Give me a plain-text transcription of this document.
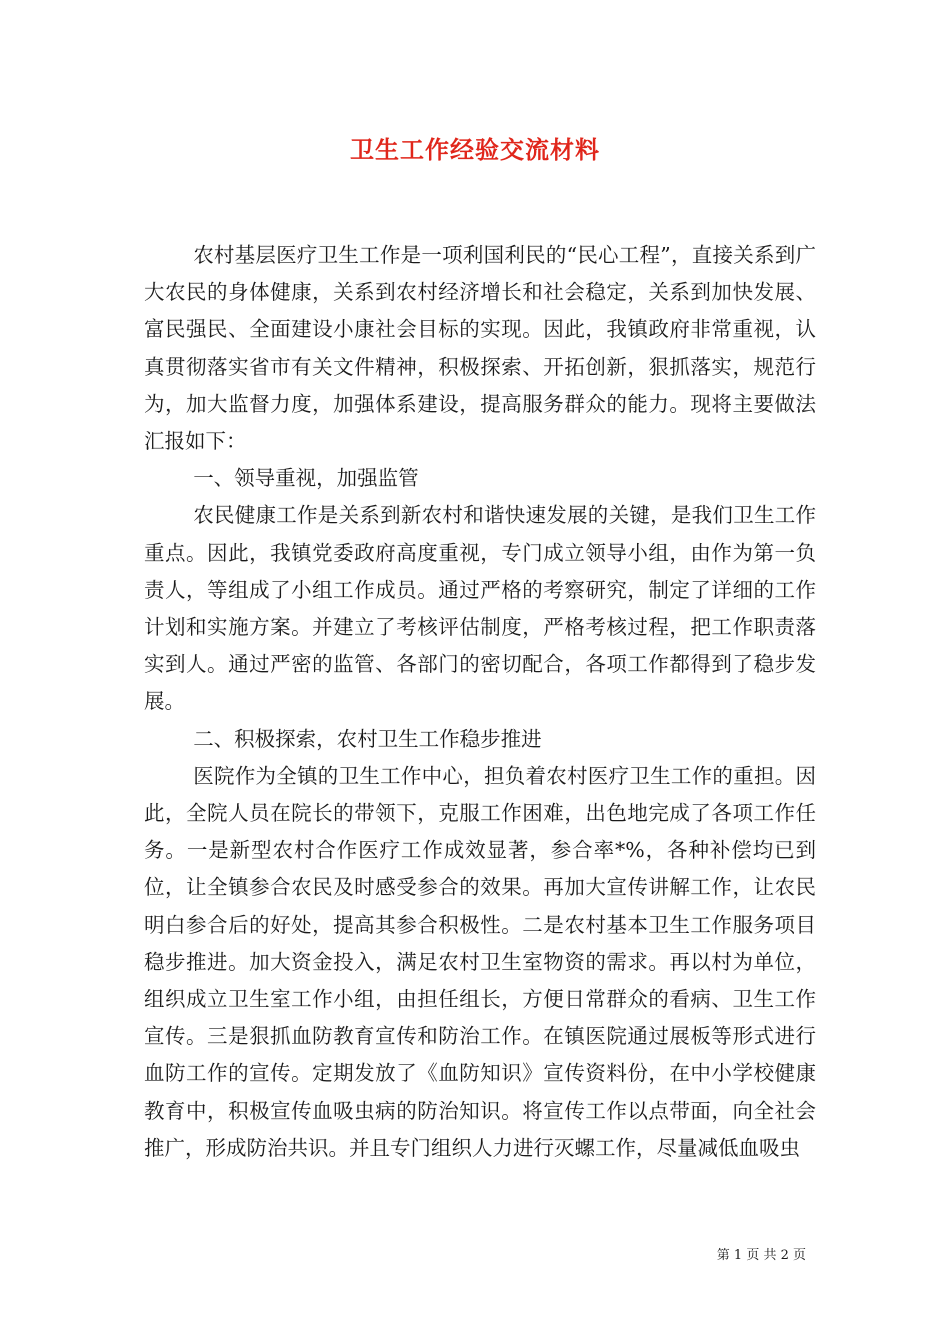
卫生工作经验交流材料

农村基层医疗卫生工作是一项利国利民的“民心工程”，直接关系到广大农民的身体健康，关系到农村经济增长和社会稳定，关系到加快发展、富民强民、全面建设小康社会目标的实现。因此，我镇政府非常重视，认真贯彻落实省市有关文件精神，积极探索、开拓创新，狠抓落实，规范行为，加大监督力度，加强体系建设，提高服务群众的能力。现将主要做法汇报如下：

一、领导重视，加强监管

农民健康工作是关系到新农村和谐快速发展的关键，是我们卫生工作重点。因此，我镇党委政府高度重视，专门成立领导小组，由作为第一负责人，等组成了小组工作成员。通过严格的考察研究，制定了详细的工作计划和实施方案。并建立了考核评估制度，严格考核过程，把工作职责落实到人。通过严密的监管、各部门的密切配合，各项工作都得到了稳步发展。

二、积极探索，农村卫生工作稳步推进

医院作为全镇的卫生工作中心，担负着农村医疗卫生工作的重担。因此，全院人员在院长的带领下，克服工作困难，出色地完成了各项工作任务。一是新型农村合作医疗工作成效显著，参合率*%，各种补偿均已到位，让全镇参合农民及时感受参合的效果。再加大宣传讲解工作，让农民明白参合后的好处，提高其参合积极性。二是农村基本卫生工作服务项目稳步推进。加大资金投入，满足农村卫生室物资的需求。再以村为单位，组织成立卫生室工作小组，由担任组长，方便日常群众的看病、卫生工作宣传。三是狠抓血防教育宣传和防治工作。在镇医院通过展板等形式进行血防工作的宣传。定期发放了《血防知识》宣传资料份，在中小学校健康教育中，积极宣传血吸虫病的防治知识。将宣传工作以点带面，向全社会推广，形成防治共识。并且专门组织人力进行灭螺工作，尽量减低血吸虫

第 1 页 共 2 页
